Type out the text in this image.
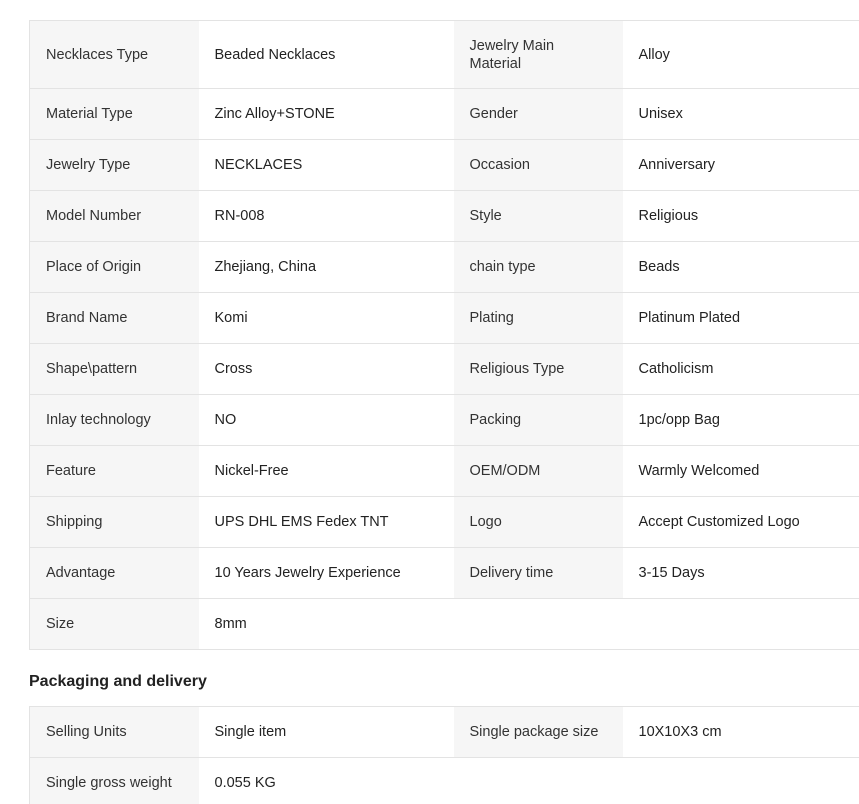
Necklaces Type	Beaded Necklaces	Jewelry Main Material	Alloy
Material Type	Zinc Alloy+STONE	Gender	Unisex
Jewelry Type	NECKLACES	Occasion	Anniversary
Model Number	RN-008	Style	Religious
Place of Origin	Zhejiang, China	chain type	Beads
Brand Name	Komi	Plating	Platinum Plated
Shape\pattern	Cross	Religious Type	Catholicism
Inlay technology	NO	Packing	1pc/opp Bag
Feature	Nickel-Free	OEM/ODM	Warmly Welcomed
Shipping	UPS DHL EMS Fedex TNT	Logo	Accept Customized Logo
Advantage	10 Years Jewelry Experience	Delivery time	3-15 Days
Size	8mm		
Packaging and delivery
Selling Units	Single item	Single package size	10X10X3 cm
Single gross weight	0.055 KG		
